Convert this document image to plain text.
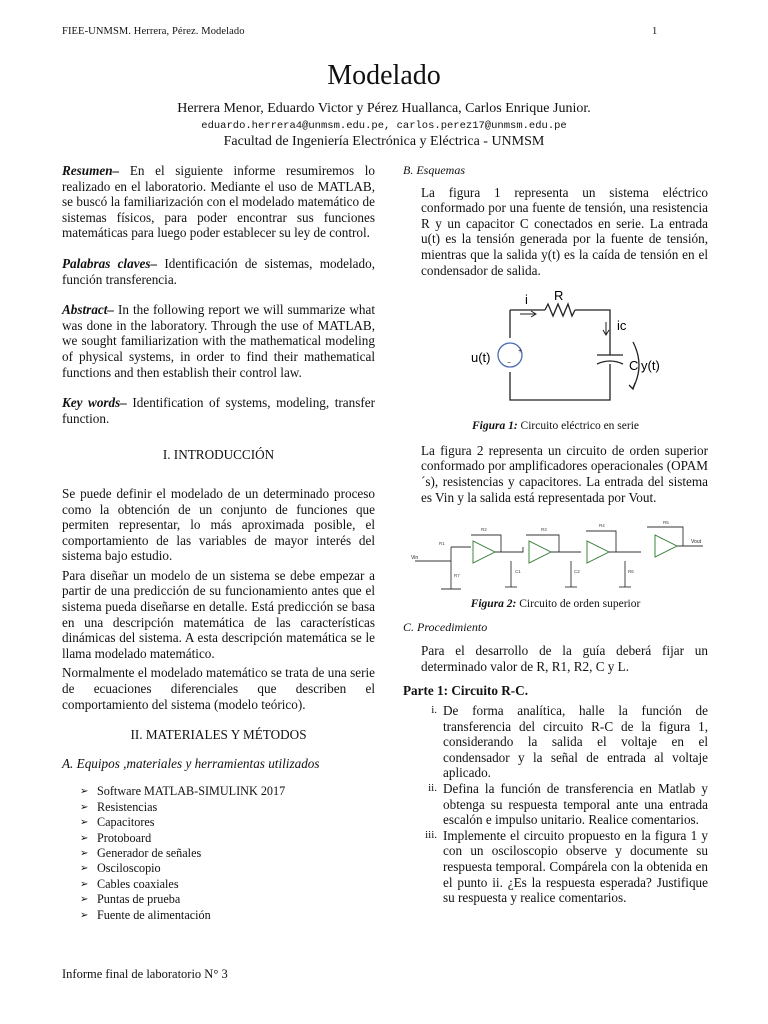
FIEE-UNMSM. Herrera, Pérez. Modelado	1
Modelado
Herrera Menor, Eduardo Victor y Pérez Huallanca, Carlos Enrique Junior.
eduardo.herrera4@unmsm.edu.pe, carlos.perez17@unmsm.edu.pe
Facultad de Ingeniería Electrónica y Eléctrica - UNMSM

Resumen– En el siguiente informe resumiremos lo realizado en el laboratorio. Mediante el uso de MATLAB, se buscó la familiarización con el modelado matemático de sistemas físicos, para poder encontrar sus funciones matemáticas para luego poder establecer su ley de control.

Palabras claves– Identificación de sistemas, modelado, función transferencia.

Abstract– In the following report we will summarize what was done in the laboratory. Through the use of MATLAB, we sought familiarization with the mathematical modeling of physical systems, in order to find their mathematical functions and then establish their control law.

Key words– Identification of systems, modeling, transfer function.

I. INTRODUCCIÓN

Se puede definir el modelado de un determinado proceso como la obtención de un conjunto de funciones que permiten representar, lo más aproximada posible, el comportamiento de las variables de mayor interés del sistema bajo estudio.

Para diseñar un modelo de un sistema se debe empezar a partir de una predicción de su funcionamiento antes que el sistema pueda diseñarse en detalle. Está predicción se basa en una descripción matemática de las características dinámicas del sistema. A esta descripción matemática se le llama modelado matemático.

Normalmente el modelado matemático se trata de una serie de ecuaciones diferenciales que describen el comportamiento del sistema (modelo teórico).

II. MATERIALES Y MÉTODOS

A. Equipos ,materiales y herramientas utilizados

➢ Software MATLAB-SIMULINK 2017
➢ Resistencias
➢ Capacitores
➢ Protoboard
➢ Generador de señales
➢ Osciloscopio
➢ Cables coaxiales
➢ Puntas de prueba
➢ Fuente de alimentación

B. Esquemas

La figura 1 representa un sistema eléctrico conformado por una fuente de tensión, una resistencia R y un capacitor C conectados en serie. La entrada u(t) es la tensión generada por la fuente de tensión, mientras que la salida y(t) es la caída de tensión en el condensador de salida.

+
−
i R
ic
u(t)
C y(t)

Figura 1: Circuito eléctrico en serie

La figura 2 representa un circuito de orden superior conformado por amplificadores operacionales (OPAM´s), resistencias y capacitores. La entrada del sistema es Vin y la salida está representada por Vout.

R1
R2	R3
R4
R5
C1	C2	R6
R7
Vin
Vout

Figura 2: Circuito de orden superior

C. Procedimiento

Para el desarrollo de la guía deberá fijar un determinado valor de R, R1, R2, C y L.

Parte 1: Circuito R-C.

i. De forma analítica, halle la función de transferencia del circuito R-C de la figura 1, considerando la salida el voltaje en el condensador y la señal de entrada al voltaje aplicado.
ii. Defina la función de transferencia en Matlab y obtenga su respuesta temporal ante una entrada escalón e impulso unitario. Realice comentarios.
iii. Implemente el circuito propuesto en la figura 1 y con un osciloscopio observe y documente su respuesta temporal. Compárela con la obtenida en el punto ii. ¿Es la respuesta esperada? Justifique su respuesta y realice comentarios.
Informe final de laboratorio N° 3
